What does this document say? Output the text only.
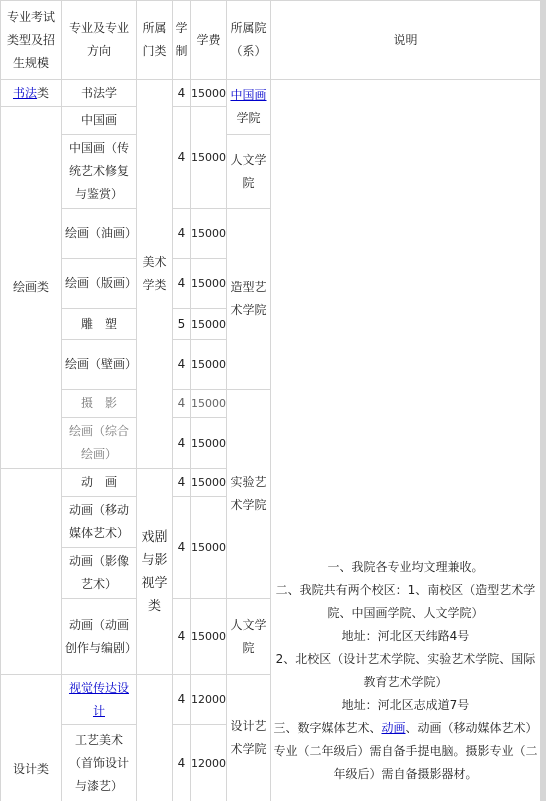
专业考试类型及招生规模
专业及专业方向
所属门类
学制
学费
所属院（系）
说明
书法类
绘画类
设计类
书法学
中国画
中国画（传统艺术修复与鉴赏）
绘画（油画）
绘画（版画）
雕　塑
绘画（壁画）
摄　影
绘画（综合绘画）
动　画
动画（移动媒体艺术）
动画（影像艺术）
动画（动画创作与编剧）
视觉传达设计
工艺美术（首饰设计与漆艺）
美术学类
戏剧与影视学类
4
4
4
4
5
4
4
4
4
4
4
4
4
15000
15000
15000
15000
15000
15000
15000
15000
15000
15000
15000
12000
12000
中国画
学院
人文学院
造型艺术学院
实验艺术学院
人文学院
设计艺术学院
一、我院各专业均文理兼收。
二、我院共有两个校区：1、南校区（造型艺术学院、中国画学院、人文学院）
地址：河北区天纬路4号
2、北校区（设计艺术学院、实验艺术学院、国际教育艺术学院）
地址：河北区志成道7号
三、数字媒体艺术、动画、动画（移动媒体艺术）专业（二年级后）需自备手提电脑。摄影专业（二年级后）需自备摄影器材。
